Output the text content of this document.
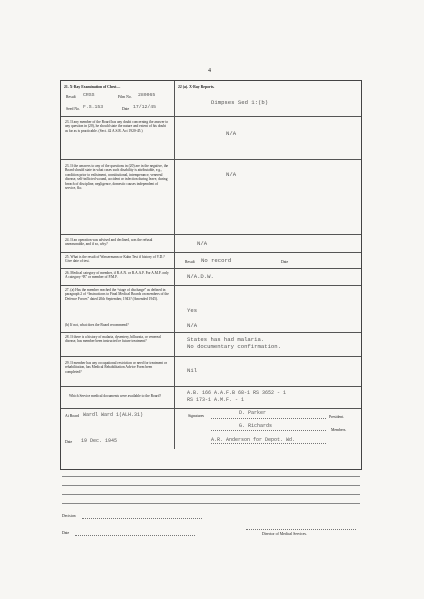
4
21. X-Ray Examination of Chest—
Result CRSS	Film No. 280065
Seed No. F.S.153	Date 17/12/45
22 (a). X-Ray Reports.
Dimpses Sed 1:(b)
23. If any member of the Board has any doubt concerning the answer to any question in (20), he should state the nature and extent of his doubt as far as is practicable. (Sect. 42 A.S.R. Act 1920-45.)	N/A
23. If the answers to any of the questions in (20) are in the negative, the Board should state in what cases such disability is attributable, e.g., condition prior to enlistment, constitutional, intemperance, venereal disease, self-inflicted wound, accident or infection during leave, during breach of discipline, negligence, domestic causes independent of service, &c.
N/A
24. If an operation was advised and declined, was the refusal unreasonable, and if so, why?	N/A
25. What is the result of Wassermann or Kahn Test if history of V.D.? Give date of test.	Result No record	Date
26. Medical category of member, if R.A.N. or R.A.A.F. For A.M.F. only A category “B” or member of P.M.F.	N/A.D.W.
27. (a) Has the member reached the “stage of discharge” as defined in paragraph 2 of “Instructions to Final Medical Boards on members of the Defence Forces” dated 20th September, 1943? (Amended 1945).
Yes
(b) If not, what does the Board recommend?	N/A
28. If there is a history of malaria, dysentery, bilharzia, or venereal disease, has member been instructed re future treatment?	States has had malaria.
No documentary confirmation.
29. If member has any occupational restriction or need for treatment or rehabilitation, has Medical Rehabilitation Advice Form been completed?	Nil
Which Service medical documents were available to the Board?	A.B. 166 A.A.F.B 68-1 RS 3652 - 1
RS 173-1 A.M.F. - 1
At Board Wardl Ward 1(ALH.31)	Signatures	D. Parker
President.
G. Richards
Members.
Date 19 Dec. 1945	A.R. Anderson for Depot. Wd.
Decision
Date	Director of Medical Services.
